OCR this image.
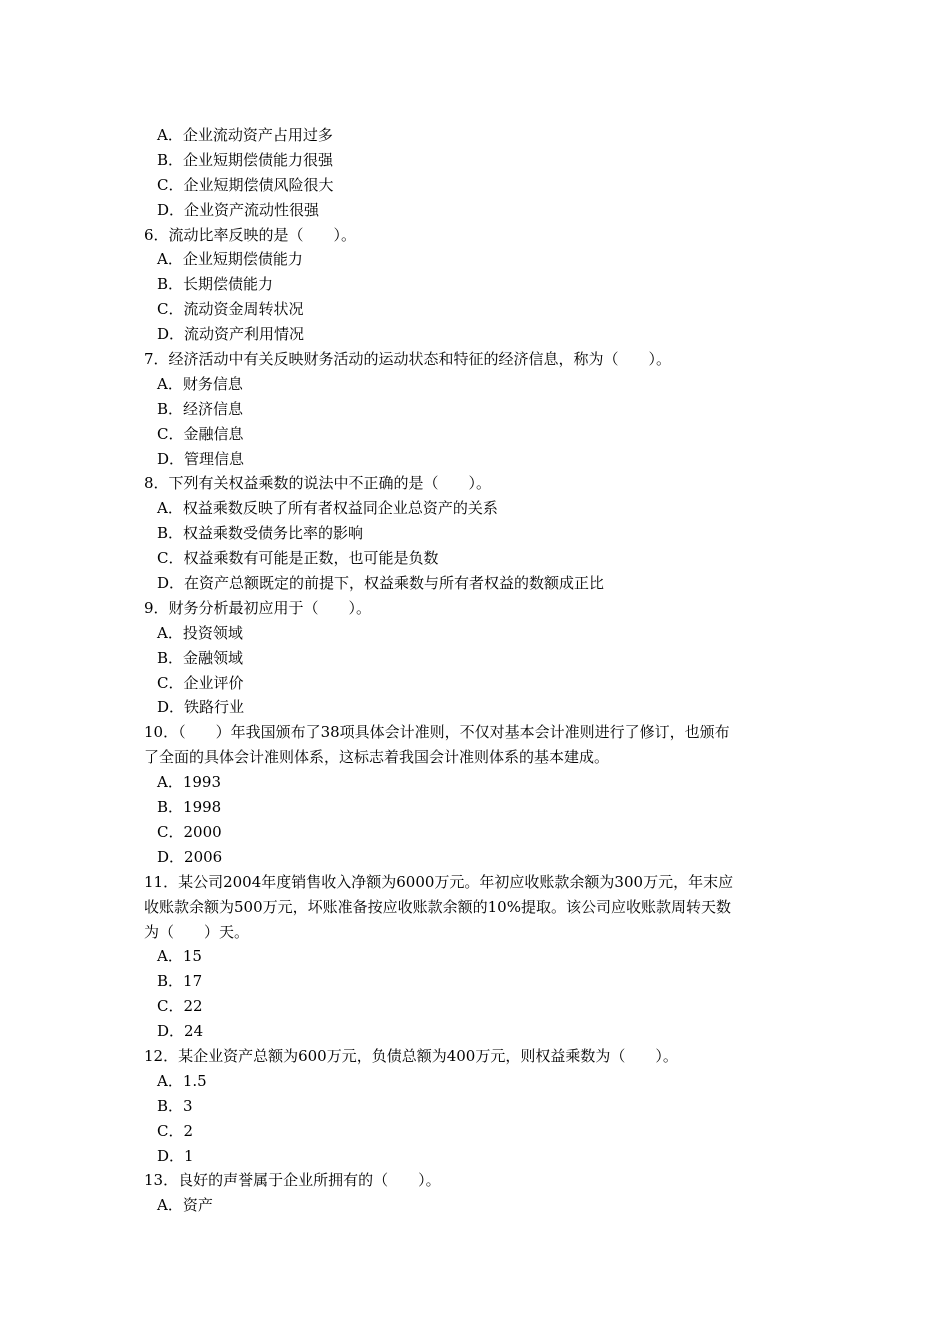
A．企业流动资产占用过多
B．企业短期偿债能力很强
C．企业短期偿债风险很大
D．企业资产流动性很强
6．流动比率反映的是（　　）。
A．企业短期偿债能力
B．长期偿债能力
C．流动资金周转状况
D．流动资产利用情况
7．经济活动中有关反映财务活动的运动状态和特征的经济信息，称为（　　）。
A．财务信息
B．经济信息
C．金融信息
D．管理信息
8．下列有关权益乘数的说法中不正确的是（　　）。
A．权益乘数反映了所有者权益同企业总资产的关系
B．权益乘数受债务比率的影响
C．权益乘数有可能是正数，也可能是负数
D．在资产总额既定的前提下，权益乘数与所有者权益的数额成正比
9．财务分析最初应用于（　　）。
A．投资领域
B．金融领域
C．企业评价
D．铁路行业
10．（　　）年我国颁布了38项具体会计准则，不仅对基本会计准则进行了修订，也颁布
了全面的具体会计准则体系，这标志着我国会计准则体系的基本建成。
A．1993
B．1998
C．2000
D．2006
11．某公司2004年度销售收入净额为6000万元。年初应收账款余额为300万元，年末应
收账款余额为500万元，坏账准备按应收账款余额的10%提取。该公司应收账款周转天数
为（　　）天。
A．15
B．17
C．22
D．24
12．某企业资产总额为600万元，负债总额为400万元，则权益乘数为（　　）。
A．1.5
B．3
C．2
D．1
13．良好的声誉属于企业所拥有的（　　）。
A．资产
